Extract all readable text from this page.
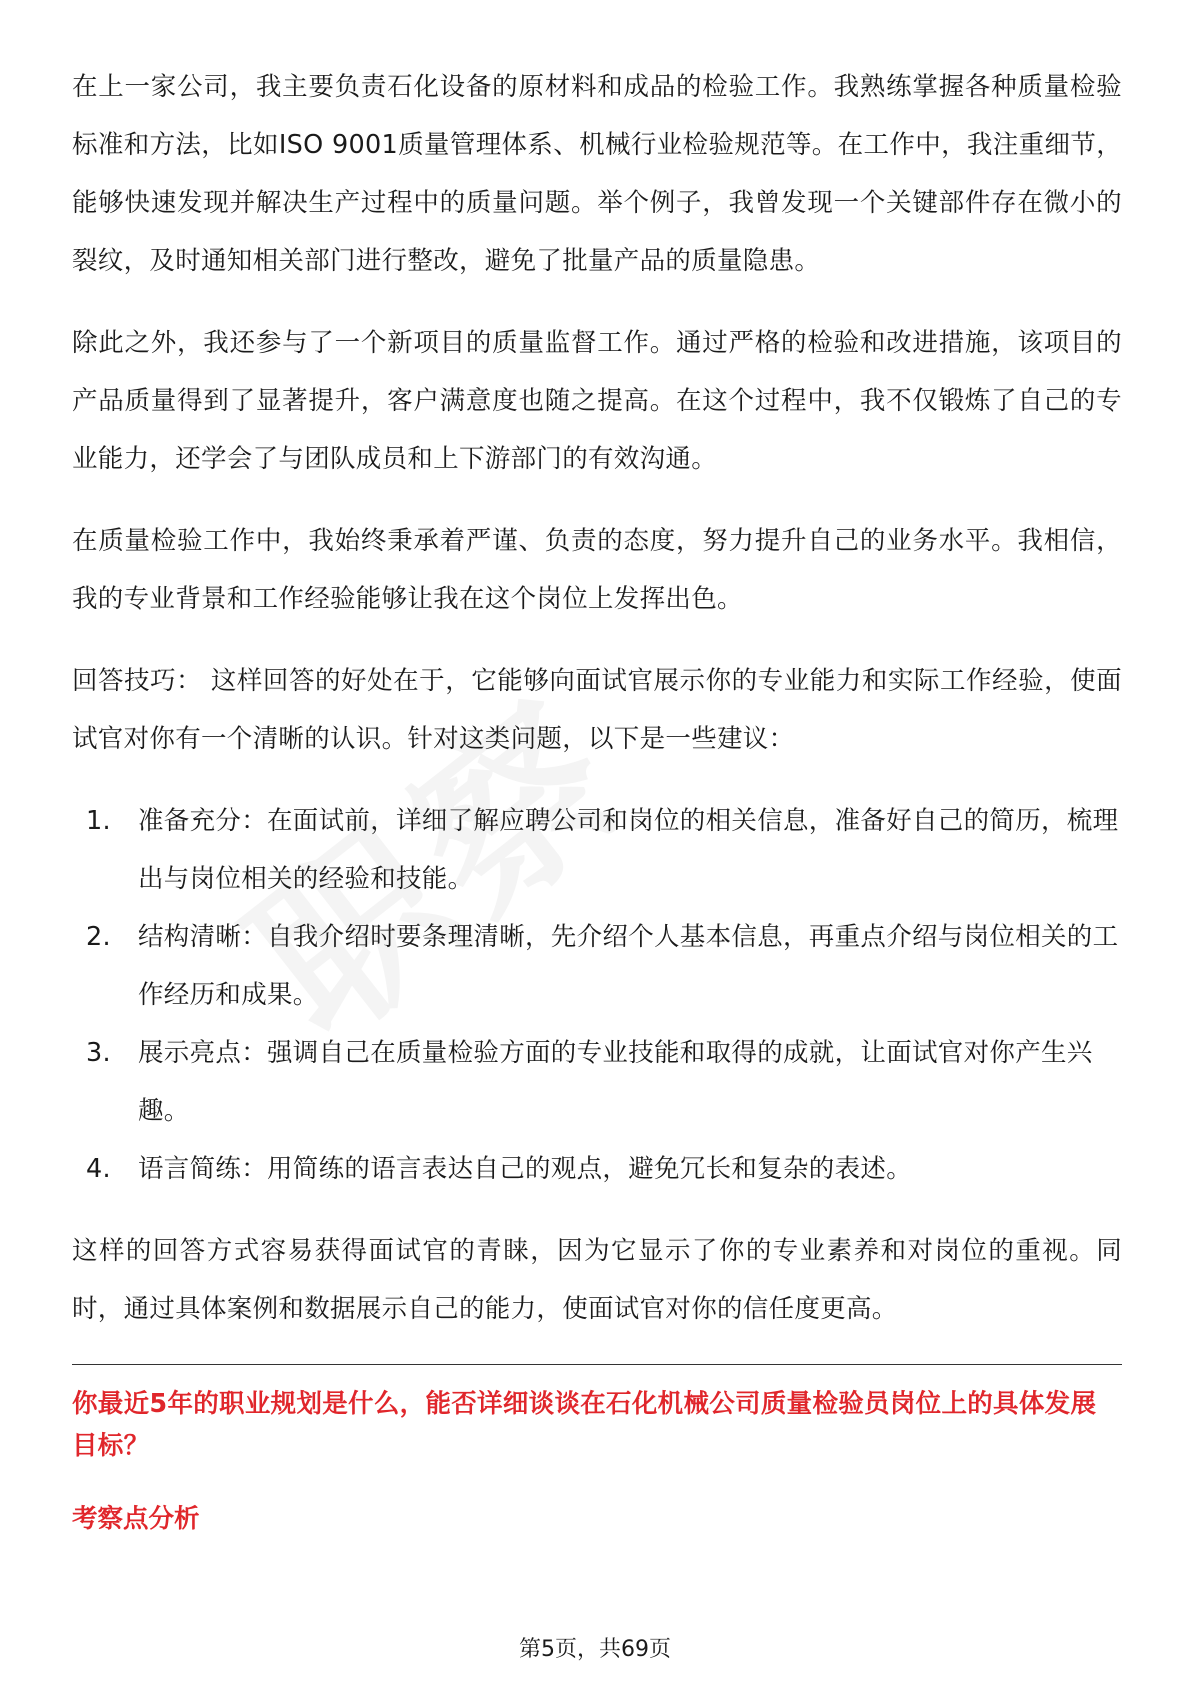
在上一家公司，我主要负责石化设备的原材料和成品的检验工作。我熟练掌握各种质量检验标准和方法，比如ISO 9001质量管理体系、机械行业检验规范等。在工作中，我注重细节，能够快速发现并解决生产过程中的质量问题。举个例子，我曾发现一个关键部件存在微小的裂纹，及时通知相关部门进行整改，避免了批量产品的质量隐患。

除此之外，我还参与了一个新项目的质量监督工作。通过严格的检验和改进措施，该项目的产品质量得到了显著提升，客户满意度也随之提高。在这个过程中，我不仅锻炼了自己的专业能力，还学会了与团队成员和上下游部门的有效沟通。

在质量检验工作中，我始终秉承着严谨、负责的态度，努力提升自己的业务水平。我相信，我的专业背景和工作经验能够让我在这个岗位上发挥出色。

回答技巧： 这样回答的好处在于，它能够向面试官展示你的专业能力和实际工作经验，使面试官对你有一个清晰的认识。针对这类问题，以下是一些建议：

1. 准备充分：在面试前，详细了解应聘公司和岗位的相关信息，准备好自己的简历，梳理出与岗位相关的经验和技能。
2. 结构清晰：自我介绍时要条理清晰，先介绍个人基本信息，再重点介绍与岗位相关的工作经历和成果。
3. 展示亮点：强调自己在质量检验方面的专业技能和取得的成就，让面试官对你产生兴趣。
4. 语言简练：用简练的语言表达自己的观点，避免冗长和复杂的表述。

这样的回答方式容易获得面试官的青睐，因为它显示了你的专业素养和对岗位的重视。同时，通过具体案例和数据展示自己的能力，使面试官对你的信任度更高。

你最近5年的职业规划是什么，能否详细谈谈在石化机械公司质量检验员岗位上的具体发展目标？

考察点分析

第5页，共69页
